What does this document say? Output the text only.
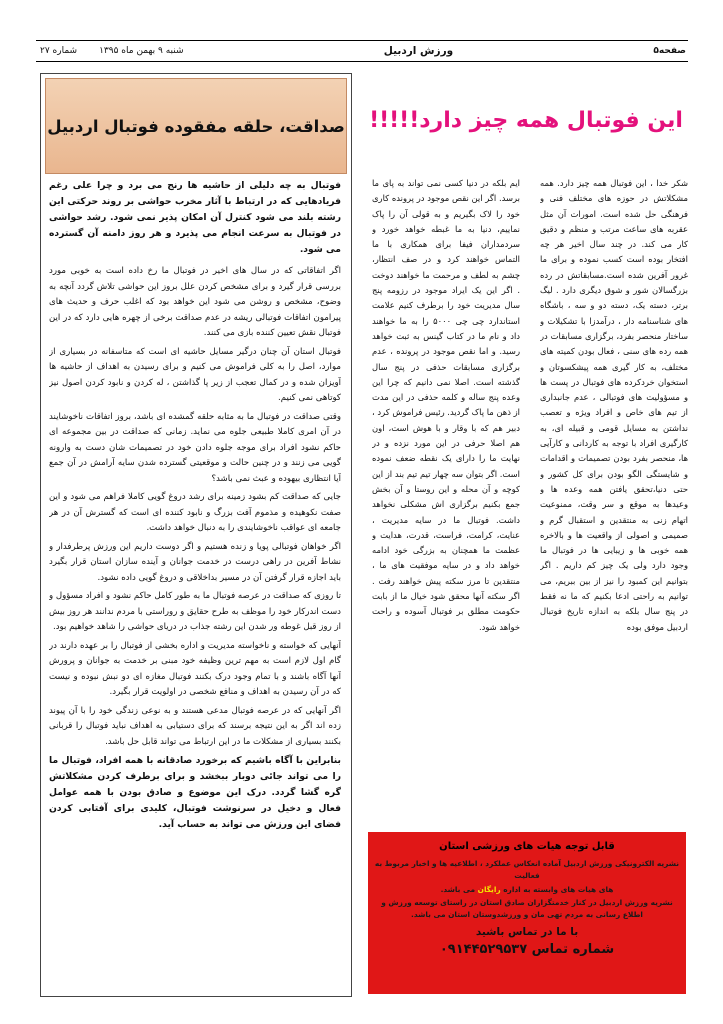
صفحه۵
ورزش اردبیل
شنبه ۹ بهمن ماه ۱۳۹۵
شماره ۲۷
صداقت، حلقه مفقوده فوتبال اردبیل

فوتبال به چه دلیلی از حاشیه ها رنج می برد و چرا علی رغم فریادهایی که در ارتباط با آثار مخرب حواشی بر روند حرکتی این رشته بلند می شود کنترل آن امکان پذیر نمی شود. رشد حواشی در فوتبال به سرعت انجام می پذیرد و هر روز دامنه آن گسترده می شود.

اگر اتفاقاتی که در سال های اخیر در فوتبال ما رخ داده است به خوبی مورد بررسی قرار گیرد و برای مشخص کردن علل بروز این حواشی تلاش گردد آنچه به وضوح، مشخص و روشن می شود این خواهد بود که اغلب حرف و حدیث های پیرامون اتفاقات فوتبالی ریشه در عدم صداقت برخی از چهره هایی دارد که در این فوتبال نقش تعیین کننده بازی می کنند.

فوتبال استان آن چنان درگیر مسایل حاشیه ای است که متاسفانه در بسیاری از موارد، اصل را به کلی فراموش می کنیم و برای رسیدن به اهداف از حاشیه ها آویزان شده و در کمال تعجب از زیر پا گذاشتن ، له کردن و نابود کردن اصول نیز کوتاهی نمی کنیم.

وقتی صداقت در فوتبال ما به مثابه حلقه گمشده ای باشد، بروز اتفاقات ناخوشایند در آن امری کاملا طبیعی جلوه می نماید. زمانی که صداقت در بین مجموعه ای حاکم نشود افراد برای موجه جلوه دادن خود در تصمیمات شان دست به وارونه گویی می زنند و در چنین حالت و موقعیتی گسترده شدن سایه آرامش در آن جمع آیا انتظاری بیهوده و عبث نمی باشد؟

جایی که صداقت کم بشود زمینه برای رشد دروغ گویی کاملا فراهم می شود و این صفت نکوهیده و مذموم آفت بزرگ و نابود کننده ای است که گسترش آن در هر جامعه ای عواقب ناخوشایندی را به دنبال خواهد داشت.

اگر خواهان فوتبالی پویا و زنده هستیم و اگر دوست داریم این ورزش پرطرفدار و نشاط آفرین در راهی درست در خدمت جوانان و آینده سازان استان قرار بگیرد باید اجازه قرار گرفتن آن در مسیر بداخلاقی و دروغ گویی داده نشود.

تا روزی که صداقت در عرصه فوتبال ما به طور کامل حاکم نشود و افراد مسؤول و دست اندرکار خود را موظف به طرح حقایق و روراستی با مردم ندانند هر روز بیش از روز قبل غوطه ور شدن این رشته جذاب در دریای حواشی را شاهد خواهیم بود.

آنهایی که خواسته و ناخواسته مدیریت و اداره بخشی از فوتبال را بر عهده دارند در گام اول لازم است به مهم ترین وظیفه خود مبنی بر خدمت به جوانان و پرورش آنها آگاه باشند و با تمام وجود درک بکنند فوتبال مغازه ای دو نبش نبوده و نیست که در آن رسیدن به اهداف و منافع شخصی در اولویت قرار بگیرد.

اگر آنهایی که در عرصه فوتبال مدعی هستند و به نوعی زندگی خود را با آن پیوند زده اند اگر به این نتیجه برسند که برای دستیابی به اهداف نباید فوتبال را قربانی بکنند بسیاری از مشکلات ما در این ارتباط می تواند قابل حل باشد.

بنابراین با آگاه باشیم که برخورد صادقانه با همه افراد، فوتبال ما را می تواند جائی دوبار ببخشد و برای برطرف کردن مشکلاتش گره گشا گردد. درک این موضوع و صادق بودن با همه عوامل فعال و دخیل در سرنوشت فوتبال، کلیدی برای آفتابی کردن فضای این ورزش می تواند به حساب آید.

این فوتبال همه چیز دارد!!!!!
شکر خدا ، این فوتبال همه چیز دارد. همه مشکلاتش در حوزه های مختلف فنی و فرهنگی حل شده است. امورات آن مثل عقربه های ساعت مرتب و منظم و دقیق کار می کند. در چند سال اخیر هر چه افتخار بوده است کسب نموده و برای ما غرور آفرین شده است.مسابقاتش در رده بزرگسالان شور و شوق دیگری دارد . لیگ برتر، دسته یک، دسته دو و سه ، باشگاه های شناسنامه دار ، درآمدزا با تشکیلات و ساختار منحصر بفرد، برگزاری مسابقات در همه رده های سنی ، فعال بودن کمیته های مختلف، به کار گیری همه پیشکسوتان و استخوان خردکرده های فوتبال در پست ها و مسؤولیت های فوتبالی ، عدم جانبداری از تیم های خاص و افراد ویژه و تعصب نداشتن به مسایل قومی و قبیله ای، به کارگیری افراد با توجه به کاردانی و کارآیی ها، منحصر بفرد بودن تصمیمات و اقدامات و شایستگی الگو بودن برای کل کشور و حتی دنیا،تحقق یافتن همه وعده ها و وعیدها به موقع و سر وقت، ممنوعیت اتهام زنی به منتقدین و استقبال گرم و صمیمی و اصولی از واقعیت ها و بالاخره همه خوبی ها و زیبایی ها در فوتبال ما وجود دارد ولی یک چیز کم داریم . اگر بتوانیم این کمبود را نیز از بین ببریم، می توانیم به راحتی ادعا بکنیم که ما نه فقط در پنج سال بلکه به اندازه تاریخ فوتبال اردبیل موفق بوده
ایم بلکه در دنیا کسی نمی تواند به پای ما برسد. اگر این نقص موجود در پرونده کاری خود را لاک بگیریم و به قولی آن را پاک نماییم، دنیا به ما غبطه خواهد خورد و سردمداران فیفا برای همکاری با ما التماس خواهند کرد و در صف انتظار، چشم به لطف و مرحمت ما خواهند دوخت . اگر این یک ایراد موجود در رزومه پنج سال مدیریت خود را برطرف کنیم علامت استاندارد چی چی ۵۰۰۰ را به ما خواهند داد و نام ما در کتاب گینس به ثبت خواهد رسید. و اما نقص موجود در پرونده ، عدم برگزاری مسابقات حذفی در پنج سال گذشته است. اصلا نمی دانیم که چرا این وعده پنج ساله و کلمه حذفی در این مدت از ذهن ما پاک گردید. رئیس فراموش کرد ، دبیر هم که با وقار و با هوش است، اون هم اصلا حرفی در این مورد نزده و در نهایت ما را دارای یک نقطه ضعف نموده است. اگر بتوان سه چهار تیم تیم بند از این کوچه و آن محله و این روستا و آن بخش جمع بکنیم برگزاری اش مشکلی نخواهد داشت. فوتبال ما در سایه مدیریت ، عنایت، کرامت، فراست، قدرت، هدایت و عظمت ما همچنان به بزرگی خود ادامه خواهد داد و در سایه موفقیت های ما ، منتقدین تا مرز سکته پیش خواهند رفت . اگر سکته آنها محقق شود خیال ما از بابت حکومت مطلق بر فوتبال آسوده و راحت خواهد شود.
قابل توجه هیات های ورزشی استان
نشریه الکترونیکی ورزش اردبیل آماده انعکاس عملکرد ، اطلاعیه ها و اخبار مربوط به فعالیت
های هیات های وابسته به اداره رایگان می باشد.
نشریه ورزش اردبیل در کنار خدمتگزاران صادق استان در راستای توسعه ورزش و اطلاع رسانی به مردم تهی مان و ورزشدوستان استان می باشد.
با ما در تماس باشید
شماره تماس ۰۹۱۴۴۵۲۹۵۳۷
